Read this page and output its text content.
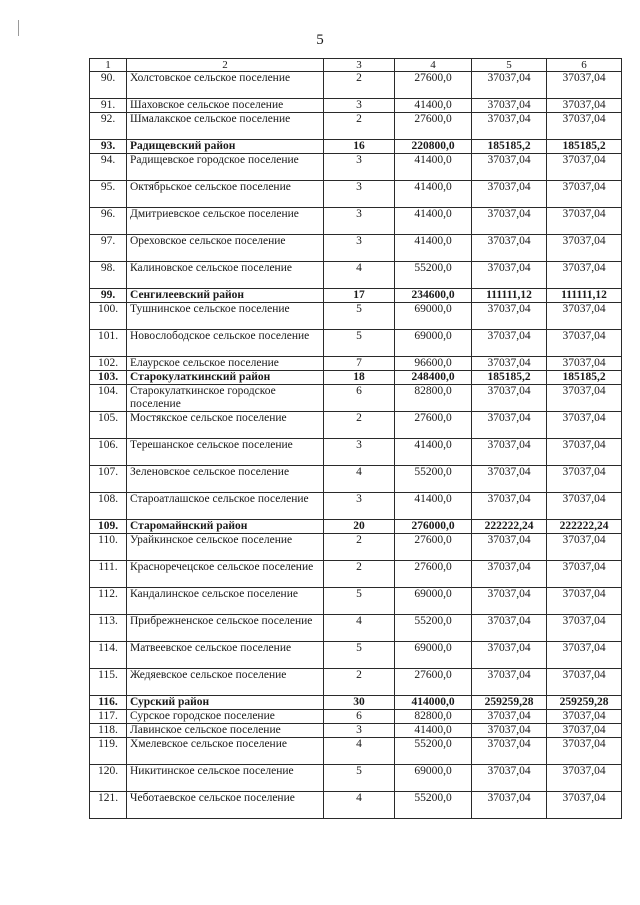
5
1	2	3	4	5	6
90.	Холстовское сельское поселение	2	27600,0	37037,04	37037,04
91.	Шаховское сельское поселение	3	41400,0	37037,04	37037,04
92.	Шмалакское сельское поселение	2	27600,0	37037,04	37037,04
93.	Радищевский район	16	220800,0	185185,2	185185,2
94.	Радищевское городское поселение	3	41400,0	37037,04	37037,04
95.	Октябрьское сельское поселение	3	41400,0	37037,04	37037,04
96.	Дмитриевское сельское поселение	3	41400,0	37037,04	37037,04
97.	Ореховское сельское поселение	3	41400,0	37037,04	37037,04
98.	Калиновское сельское поселение	4	55200,0	37037,04	37037,04
99.	Сенгилеевский район	17	234600,0	111111,12	111111,12
100.	Тушнинское сельское поселение	5	69000,0	37037,04	37037,04
101.	Новослободское сельское поселение	5	69000,0	37037,04	37037,04
102.	Елаурское сельское поселение	7	96600,0	37037,04	37037,04
103.	Старокулаткинский район	18	248400,0	185185,2	185185,2
104.	Старокулаткинское городское поселение	6	82800,0	37037,04	37037,04
105.	Мостякское сельское поселение	2	27600,0	37037,04	37037,04
106.	Терешанское сельское поселение	3	41400,0	37037,04	37037,04
107.	Зеленовское сельское поселение	4	55200,0	37037,04	37037,04
108.	Староатлашское сельское поселение	3	41400,0	37037,04	37037,04
109.	Старомайнский район	20	276000,0	222222,24	222222,24
110.	Урайкинское сельское поселение	2	27600,0	37037,04	37037,04
111.	Красноречецское сельское поселение	2	27600,0	37037,04	37037,04
112.	Кандалинское сельское поселение	5	69000,0	37037,04	37037,04
113.	Прибрежненское сельское поселение	4	55200,0	37037,04	37037,04
114.	Матвеевское сельское поселение	5	69000,0	37037,04	37037,04
115.	Жедяевское сельское поселение	2	27600,0	37037,04	37037,04
116.	Сурский район	30	414000,0	259259,28	259259,28
117.	Сурское городское поселение	6	82800,0	37037,04	37037,04
118.	Лавинское сельское поселение	3	41400,0	37037,04	37037,04
119.	Хмелевское сельское поселение	4	55200,0	37037,04	37037,04
120.	Никитинское сельское поселение	5	69000,0	37037,04	37037,04
121.	Чеботаевское сельское поселение	4	55200,0	37037,04	37037,04
